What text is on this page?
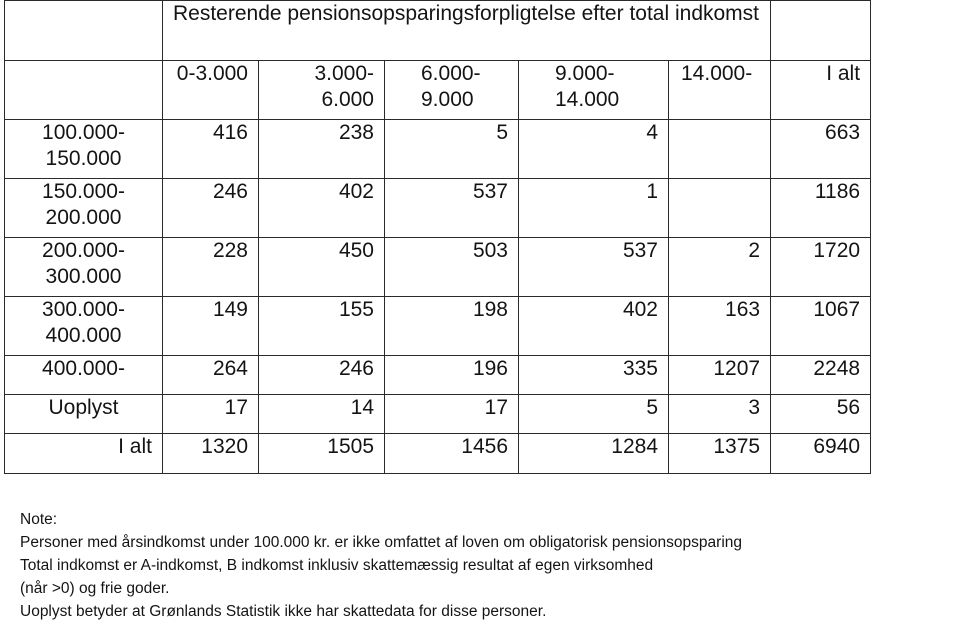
	Resterende pensionsopsparingsforpligtelse efter total indkomst					
	0-3.000	3.000-6.000	6.000-9.000	9.000-14.000	14.000-	I alt
100.000-150.000	416	238	5	4		663
150.000-200.000	246	402	537	1		1186
200.000-300.000	228	450	503	537	2	1720
300.000-400.000	149	155	198	402	163	1067
400.000-	264	246	196	335	1207	2248
Uoplyst	17	14	17	5	3	56
I alt	1320	1505	1456	1284	1375	6940
Note:
Personer med årsindkomst under 100.000 kr. er ikke omfattet af loven om obligatorisk pensionsopsparing
Total indkomst er A-indkomst, B indkomst inklusiv skattemæssig resultat af egen virksomhed
(når >0) og frie goder.
Uoplyst betyder at Grønlands Statistik ikke har skattedata for disse personer.
